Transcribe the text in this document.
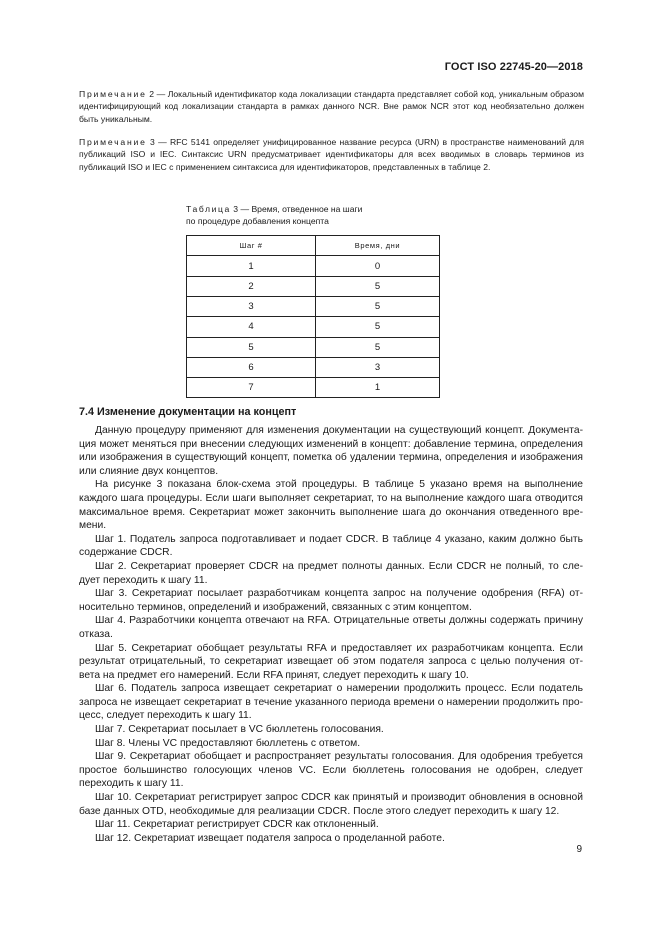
ГОСТ ISO 22745-20—2018
Примечание 2 — Локальный идентификатор кода локализации стандарта представляет собой код, уникальным образом идентифицирующий код локализации стандарта в рамках данного NCR. Вне рамок NCR этот код необязательно должен быть уникальным.
Примечание 3 — RFC 5141 определяет унифицированное название ресурса (URN) в пространстве наименований для публикаций ISO и IEC. Синтаксис URN предусматривает идентификаторы для всех вводимых в словарь терминов из публикаций ISO и IEC с применением синтаксиса для идентификаторов, представленных в таблице 2.
Таблица 3 — Время, отведенное на шаги
по процедуре добавления концепта
Шаг #	Время, дни
1	0
2	5
3	5
4	5
5	5
6	3
7	1
7.4 Изменение документации на концепт

Данную процедуру применяют для изменения документации на существующий концепт. Документация может меняться при внесении следующих изменений в концепт: добавление термина, определения или изображения в существующий концепт, пометка об удалении термина, определения и изображения или слияние двух концептов.

На рисунке 3 показана блок-схема этой процедуры. В таблице 5 указано время на выполнение каждого шага процедуры. Если шаги выполняет секретариат, то на выполнение каждого шага отводится максимальное время. Секретариат может закончить выполнение шага до окончания отведенного времени.

Шаг 1. Податель запроса подготавливает и подает CDCR. В таблице 4 указано, каким должно быть содержание CDCR.

Шаг 2. Секретариат проверяет CDCR на предмет полноты данных. Если CDCR не полный, то следует переходить к шагу 11.

Шаг 3. Секретариат посылает разработчикам концепта запрос на получение одобрения (RFA) относительно терминов, определений и изображений, связанных с этим концептом.

Шаг 4. Разработчики концепта отвечают на RFA. Отрицательные ответы должны содержать причину отказа.

Шаг 5. Секретариат обобщает результаты RFA и предоставляет их разработчикам концепта. Если результат отрицательный, то секретариат извещает об этом подателя запроса с целью получения ответа на предмет его намерений. Если RFA принят, следует переходить к шагу 10.

Шаг 6. Податель запроса извещает секретариат о намерении продолжить процесс. Если податель запроса не извещает секретариат в течение указанного периода времени о намерении продолжить процесс, следует переходить к шагу 11.

Шаг 7. Секретариат посылает в VC бюллетень голосования.

Шаг 8. Члены VC предоставляют бюллетень с ответом.

Шаг 9. Секретариат обобщает и распространяет результаты голосования. Для одобрения требуется простое большинство голосующих членов VC. Если бюллетень голосования не одобрен, следует переходить к шагу 11.

Шаг 10. Секретариат регистрирует запрос CDCR как принятый и производит обновления в основной базе данных OTD, необходимые для реализации CDCR. После этого следует переходить к шагу 12.

Шаг 11. Секретариат регистрирует CDCR как отклоненный.

Шаг 12. Секретариат извещает подателя запроса о проделанной работе.

9
